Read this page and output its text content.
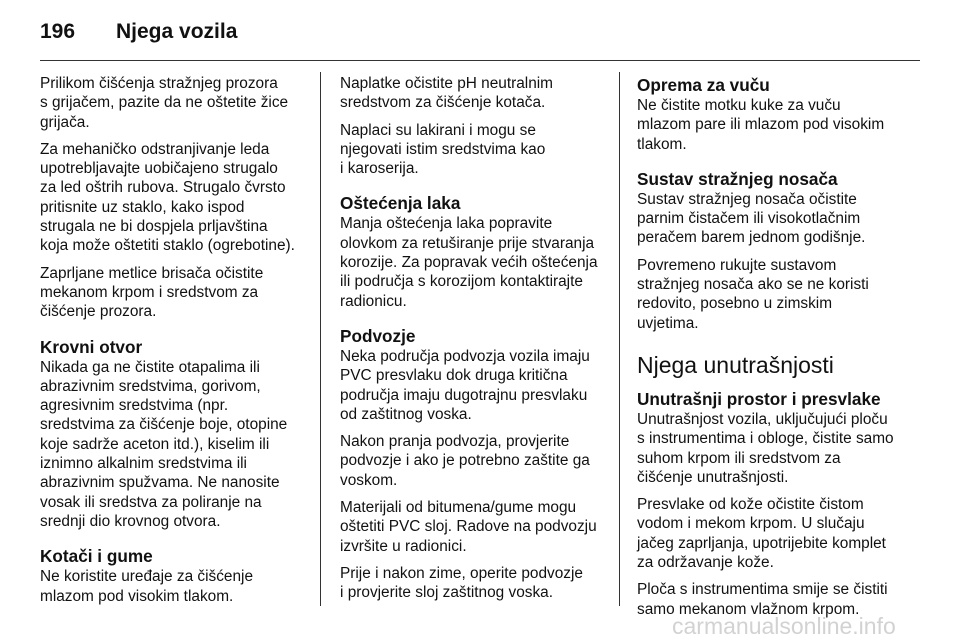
196 Njega vozila

Prilikom čišćenja stražnjeg prozora
s grijačem, pazite da ne oštetite žice
grijača.

Za mehaničko odstranjivanje leda
upotrebljavajte uobičajeno strugalo
za led oštrih rubova. Strugalo čvrsto
pritisnite uz staklo, kako ispod
strugala ne bi dospjela prljavština
koja može oštetiti staklo (ogrebotine).

Zaprljane metlice brisača očistite
mekanom krpom i sredstvom za
čišćenje prozora.

Krovni otvor

Nikada ga ne čistite otapalima ili
abrazivnim sredstvima, gorivom,
agresivnim sredstvima (npr.
sredstvima za čišćenje boje, otopine
koje sadrže aceton itd.), kiselim ili
iznimno alkalnim sredstvima ili
abrazivnim spužvama. Ne nanosite
vosak ili sredstva za poliranje na
srednji dio krovnog otvora.

Kotači i gume

Ne koristite uređaje za čišćenje
mlazom pod visokim tlakom.

Naplatke očistite pH neutralnim
sredstvom za čišćenje kotača.

Naplaci su lakirani i mogu se
njegovati istim sredstvima kao
i karoserija.

Oštećenja laka

Manja oštećenja laka popravite
olovkom za retuširanje prije stvaranja
korozije. Za popravak većih oštećenja
ili područja s korozijom kontaktirajte
radionicu.

Podvozje

Neka područja podvozja vozila imaju
PVC presvlaku dok druga kritična
područja imaju dugotrajnu presvlaku
od zaštitnog voska.

Nakon pranja podvozja, provjerite
podvozje i ako je potrebno zaštite ga
voskom.

Materijali od bitumena/gume mogu
oštetiti PVC sloj. Radove na podvozju
izvršite u radionici.

Prije i nakon zime, operite podvozje
i provjerite sloj zaštitnog voska.

Oprema za vuču

Ne čistite motku kuke za vuču
mlazom pare ili mlazom pod visokim
tlakom.

Sustav stražnjeg nosača

Sustav stražnjeg nosača očistite
parnim čistačem ili visokotlačnim
peračem barem jednom godišnje.

Povremeno rukujte sustavom
stražnjeg nosača ako se ne koristi
redovito, posebno u zimskim
uvjetima.

Njega unutrašnjosti
Unutrašnji prostor i presvlake

Unutrašnjost vozila, uključujući ploču
s instrumentima i obloge, čistite samo
suhom krpom ili sredstvom za
čišćenje unutrašnjosti.

Presvlake od kože očistite čistom
vodom i mekom krpom. U slučaju
jačeg zaprljanja, upotrijebite komplet
za održavanje kože.

Ploča s instrumentima smije se čistiti
samo mekanom vlažnom krpom.

carmanualsonline.info
